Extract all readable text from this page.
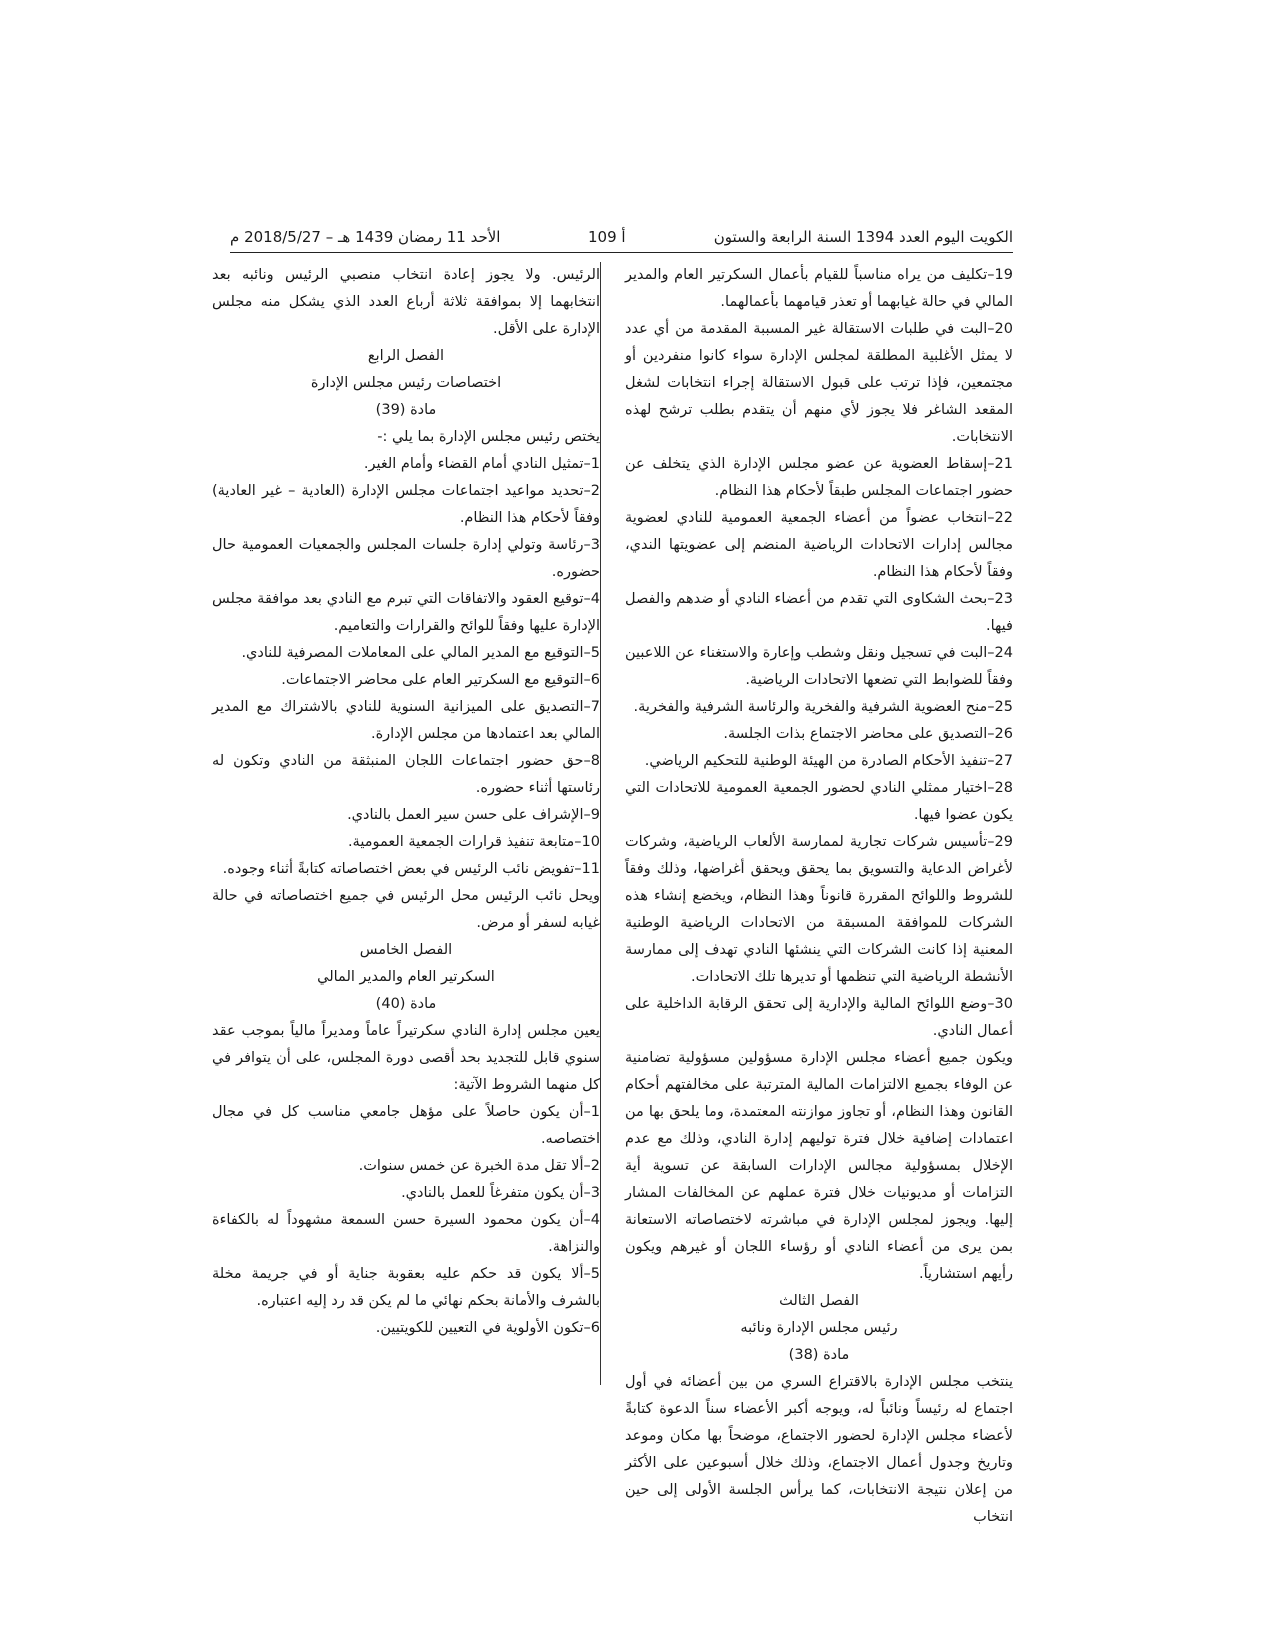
الكويت اليوم العدد 1394 السنة الرابعة والستون
أ 109
الأحد 11 رمضان 1439 هـ – 2018/5/27 م

19–تكليف من يراه مناسباً للقيام بأعمال السكرتير العام والمدير المالي في حالة غيابهما أو تعذر قيامهما بأعمالهما.

20–البت في طلبات الاستقالة غير المسببة المقدمة من أي عدد لا يمثل الأغلبية المطلقة لمجلس الإدارة سواء كانوا منفردين أو مجتمعين، فإذا ترتب على قبول الاستقالة إجراء انتخابات لشغل المقعد الشاغر فلا يجوز لأي منهم أن يتقدم بطلب ترشح لهذه الانتخابات.

21–إسقاط العضوية عن عضو مجلس الإدارة الذي يتخلف عن حضور اجتماعات المجلس طبقاً لأحكام هذا النظام.

22–انتخاب عضواً من أعضاء الجمعية العمومية للنادي لعضوية مجالس إدارات الاتحادات الرياضية المنضم إلى عضويتها الندي، وفقاً لأحكام هذا النظام.

23–بحث الشكاوى التي تقدم من أعضاء النادي أو ضدهم والفصل فيها.

24–البت في تسجيل ونقل وشطب وإعارة والاستغناء عن اللاعبين وفقاً للضوابط التي تضعها الاتحادات الرياضية.

25–منح العضوية الشرفية والفخرية والرئاسة الشرفية والفخرية.

26–التصديق على محاضر الاجتماع بذات الجلسة.

27–تنفيذ الأحكام الصادرة من الهيئة الوطنية للتحكيم الرياضي.

28–اختيار ممثلي النادي لحضور الجمعية العمومية للاتحادات التي يكون عضوا فيها.

29–تأسيس شركات تجارية لممارسة الألعاب الرياضية، وشركات لأغراض الدعاية والتسويق بما يحقق ويحقق أغراضها، وذلك وفقاً للشروط واللوائح المقررة قانوناً وهذا النظام، ويخضع إنشاء هذه الشركات للموافقة المسبقة من الاتحادات الرياضية الوطنية المعنية إذا كانت الشركات التي ينشئها النادي تهدف إلى ممارسة الأنشطة الرياضية التي تنظمها أو تديرها تلك الاتحادات.

30–وضع اللوائح المالية والإدارية إلى تحقق الرقابة الداخلية على أعمال النادي.

ويكون جميع أعضاء مجلس الإدارة مسؤولين مسؤولية تضامنية عن الوفاء بجميع الالتزامات المالية المترتبة على مخالفتهم أحكام القانون وهذا النظام، أو تجاوز موازنته المعتمدة، وما يلحق بها من اعتمادات إضافية خلال فترة توليهم إدارة النادي، وذلك مع عدم الإخلال بمسؤولية مجالس الإدارات السابقة عن تسوية أية التزامات أو مديونيات خلال فترة عملهم عن المخالفات المشار إليها. ويجوز لمجلس الإدارة في مباشرته لاختصاصاته الاستعانة بمن يرى من أعضاء النادي أو رؤساء اللجان أو غيرهم ويكون رأيهم استشارياً.

الفصل الثالث

رئيس مجلس الإدارة ونائبه

مادة (38)

ينتخب مجلس الإدارة بالاقتراع السري من بين أعضائه في أول اجتماع له رئيساً ونائباً له، ويوجه أكبر الأعضاء سناً الدعوة كتابةً لأعضاء مجلس الإدارة لحضور الاجتماع، موضحاً بها مكان وموعد وتاريخ وجدول أعمال الاجتماع، وذلك خلال أسبوعين على الأكثر من إعلان نتيجة الانتخابات، كما يرأس الجلسة الأولى إلى حين انتخاب

الرئيس. ولا يجوز إعادة انتخاب منصبي الرئيس ونائبه بعد انتخابهما إلا بموافقة ثلاثة أرباع العدد الذي يشكل منه مجلس الإدارة على الأقل.

الفصل الرابع

اختصاصات رئيس مجلس الإدارة

مادة (39)

يختص رئيس مجلس الإدارة بما يلي :-

1–تمثيل النادي أمام القضاء وأمام الغير.

2–تحديد مواعيد اجتماعات مجلس الإدارة (العادية – غير العادية) وفقاً لأحكام هذا النظام.

3–رئاسة وتولي إدارة جلسات المجلس والجمعيات العمومية حال حضوره.

4–توقيع العقود والاتفاقات التي تبرم مع النادي بعد موافقة مجلس الإدارة عليها وفقاً للوائح والقرارات والتعاميم.

5–التوقيع مع المدير المالي على المعاملات المصرفية للنادي.

6–التوقيع مع السكرتير العام على محاضر الاجتماعات.

7–التصديق على الميزانية السنوية للنادي بالاشتراك مع المدير المالي بعد اعتمادها من مجلس الإدارة.

8–حق حضور اجتماعات اللجان المنبثقة من النادي وتكون له رئاستها أثناء حضوره.

9–الإشراف على حسن سير العمل بالنادي.

10–متابعة تنفيذ قرارات الجمعية العمومية.

11–تفويض نائب الرئيس في بعض اختصاصاته كتابةً أثناء وجوده.

ويحل نائب الرئيس محل الرئيس في جميع اختصاصاته في حالة غيابه لسفر أو مرض.

الفصل الخامس

السكرتير العام والمدير المالي

مادة (40)

يعين مجلس إدارة النادي سكرتيراً عاماً ومديراً مالياً بموجب عقد سنوي قابل للتجديد بحد أقصى دورة المجلس، على أن يتوافر في كل منهما الشروط الآتية:

1–أن يكون حاصلاً على مؤهل جامعي مناسب كل في مجال اختصاصه.

2–ألا تقل مدة الخبرة عن خمس سنوات.

3–أن يكون متفرغاً للعمل بالنادي.

4–أن يكون محمود السيرة حسن السمعة مشهوداً له بالكفاءة والنزاهة.

5–ألا يكون قد حكم عليه بعقوبة جناية أو في جريمة مخلة بالشرف والأمانة بحكم نهائي ما لم يكن قد رد إليه اعتباره.

6–تكون الأولوية في التعيين للكويتيين.
